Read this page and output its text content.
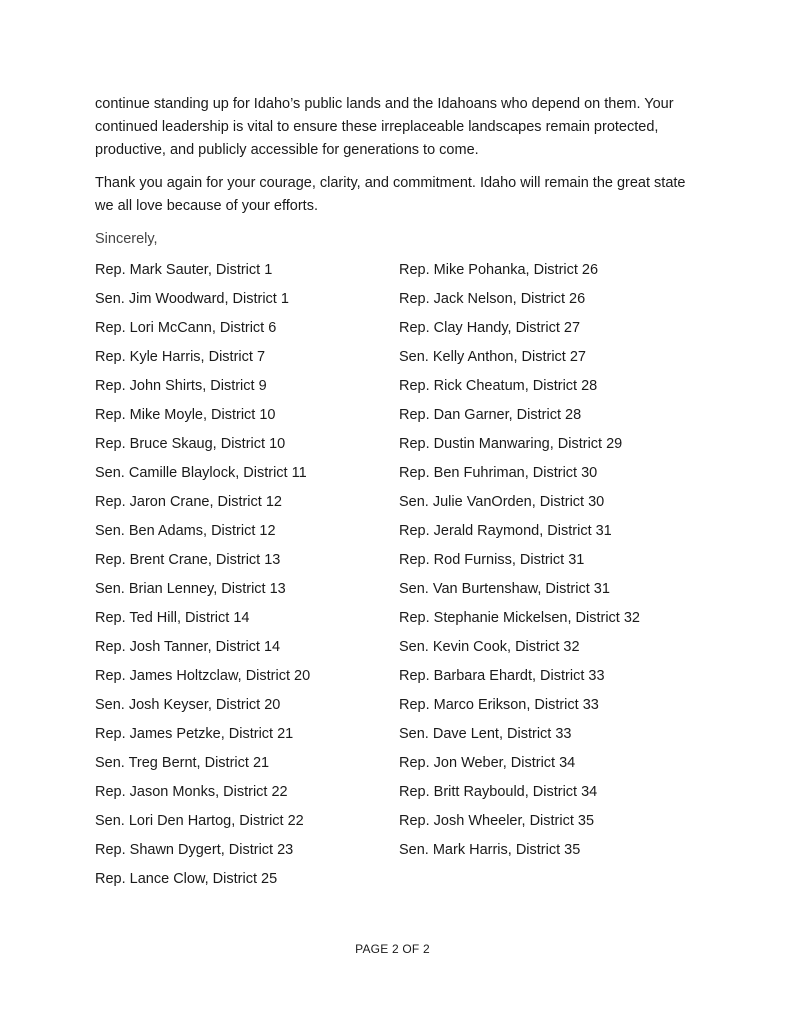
continue standing up for Idaho’s public lands and the Idahoans who depend on them. Your continued leadership is vital to ensure these irreplaceable landscapes remain protected, productive, and publicly accessible for generations to come.

Thank you again for your courage, clarity, and commitment. Idaho will remain the great state we all love because of your efforts.

Sincerely,

Rep. Mark Sauter, District 1
Sen. Jim Woodward, District 1
Rep. Lori McCann, District 6
Rep. Kyle Harris, District 7
Rep. John Shirts, District 9
Rep. Mike Moyle, District 10
Rep. Bruce Skaug, District 10
Sen. Camille Blaylock, District 11
Rep. Jaron Crane, District 12
Sen. Ben Adams, District 12
Rep. Brent Crane, District 13
Sen. Brian Lenney, District 13
Rep. Ted Hill, District 14
Rep. Josh Tanner, District 14
Rep. James Holtzclaw, District 20
Sen. Josh Keyser, District 20
Rep. James Petzke, District 21
Sen. Treg Bernt, District 21
Rep. Jason Monks, District 22
Sen. Lori Den Hartog, District 22
Rep. Shawn Dygert, District 23
Rep. Lance Clow, District 25
Rep. Mike Pohanka, District 26
Rep. Jack Nelson, District 26
Rep. Clay Handy, District 27
Sen. Kelly Anthon, District 27
Rep. Rick Cheatum, District 28
Rep. Dan Garner, District 28
Rep. Dustin Manwaring, District 29
Rep. Ben Fuhriman, District 30
Sen. Julie VanOrden, District 30
Rep. Jerald Raymond, District 31
Rep. Rod Furniss, District 31
Sen. Van Burtenshaw, District 31
Rep. Stephanie Mickelsen, District 32
Sen. Kevin Cook, District 32
Rep. Barbara Ehardt, District 33
Rep. Marco Erikson, District 33
Sen. Dave Lent, District 33
Rep. Jon Weber, District 34
Rep. Britt Raybould, District 34
Rep. Josh Wheeler, District 35
Sen. Mark Harris, District 35
PAGE 2 OF 2
